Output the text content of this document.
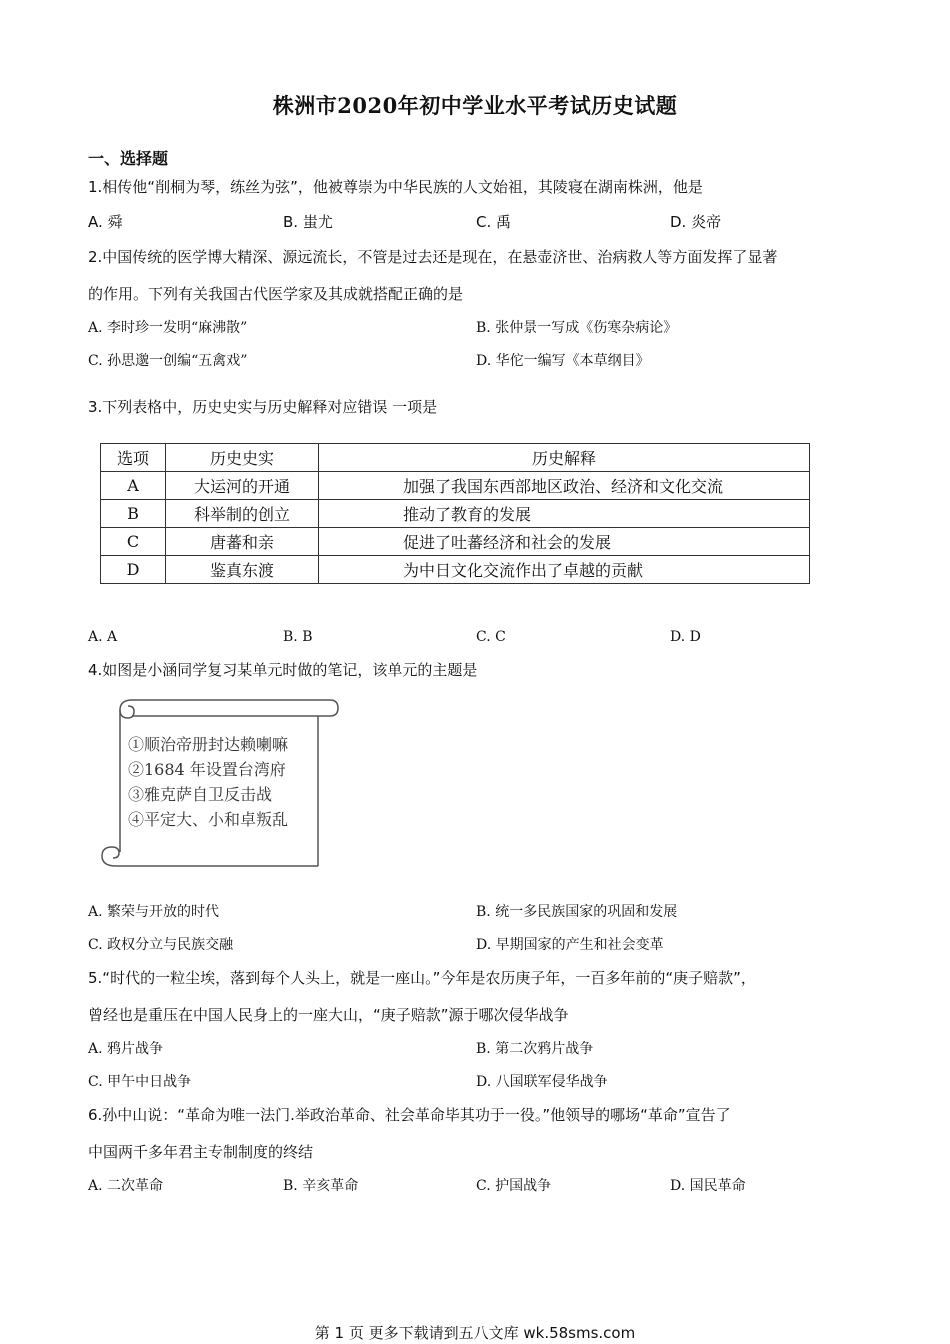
株洲市2020年初中学业水平考试历史试题
一、选择题
1.相传他“削桐为琴，练丝为弦”，他被尊崇为中华民族的人文始祖，其陵寝在湖南株洲，他是
A. 舜	B. 蚩尤	C. 禹	D. 炎帝
2.中国传统的医学博大精深、源远流长，不管是过去还是现在，在悬壶济世、治病救人等方面发挥了显著
的作用。下列有关我国古代医学家及其成就搭配正确的是
A. 李时珍一发明“麻沸散”	B. 张仲景一写成《伤寒杂病论》
C. 孙思邈一创编“五禽戏”	D. 华佗一编写《本草纲目》
3.下列表格中，历史史实与历史解释对应错误 一项是
选项	历史史实	历史解释
A	大运河的开通	加强了我国东西部地区政治、经济和文化交流
B	科举制的创立	推动了教育的发展
C	唐蕃和亲	促进了吐蕃经济和社会的发展
D	鉴真东渡	为中日文化交流作出了卓越的贡献
A. A	B. B	C. C	D. D
4.如图是小涵同学复习某单元时做的笔记，该单元的主题是
①顺治帝册封达赖喇嘛
②1684 年设置台湾府
③雅克萨自卫反击战
④平定大、小和卓叛乱
A. 繁荣与开放的时代	B. 统一多民族国家的巩固和发展
C. 政权分立与民族交融	D. 早期国家的产生和社会变革
5.“时代的一粒尘埃，落到每个人头上，就是一座山。”今年是农历庚子年，一百多年前的“庚子赔款”，
曾经也是重压在中国人民身上的一座大山，“庚子赔款”源于哪次侵华战争
A. 鸦片战争	B. 第二次鸦片战争
C. 甲午中日战争	D. 八国联军侵华战争
6.孙中山说：“革命为唯一法门.举政治革命、社会革命毕其功于一役。”他领导的哪场“革命”宣告了
中国两千多年君主专制制度的终结
A. 二次革命	B. 辛亥革命	C. 护国战争	D. 国民革命
第 1 页 更多下载请到五八文库 wk.58sms.com
